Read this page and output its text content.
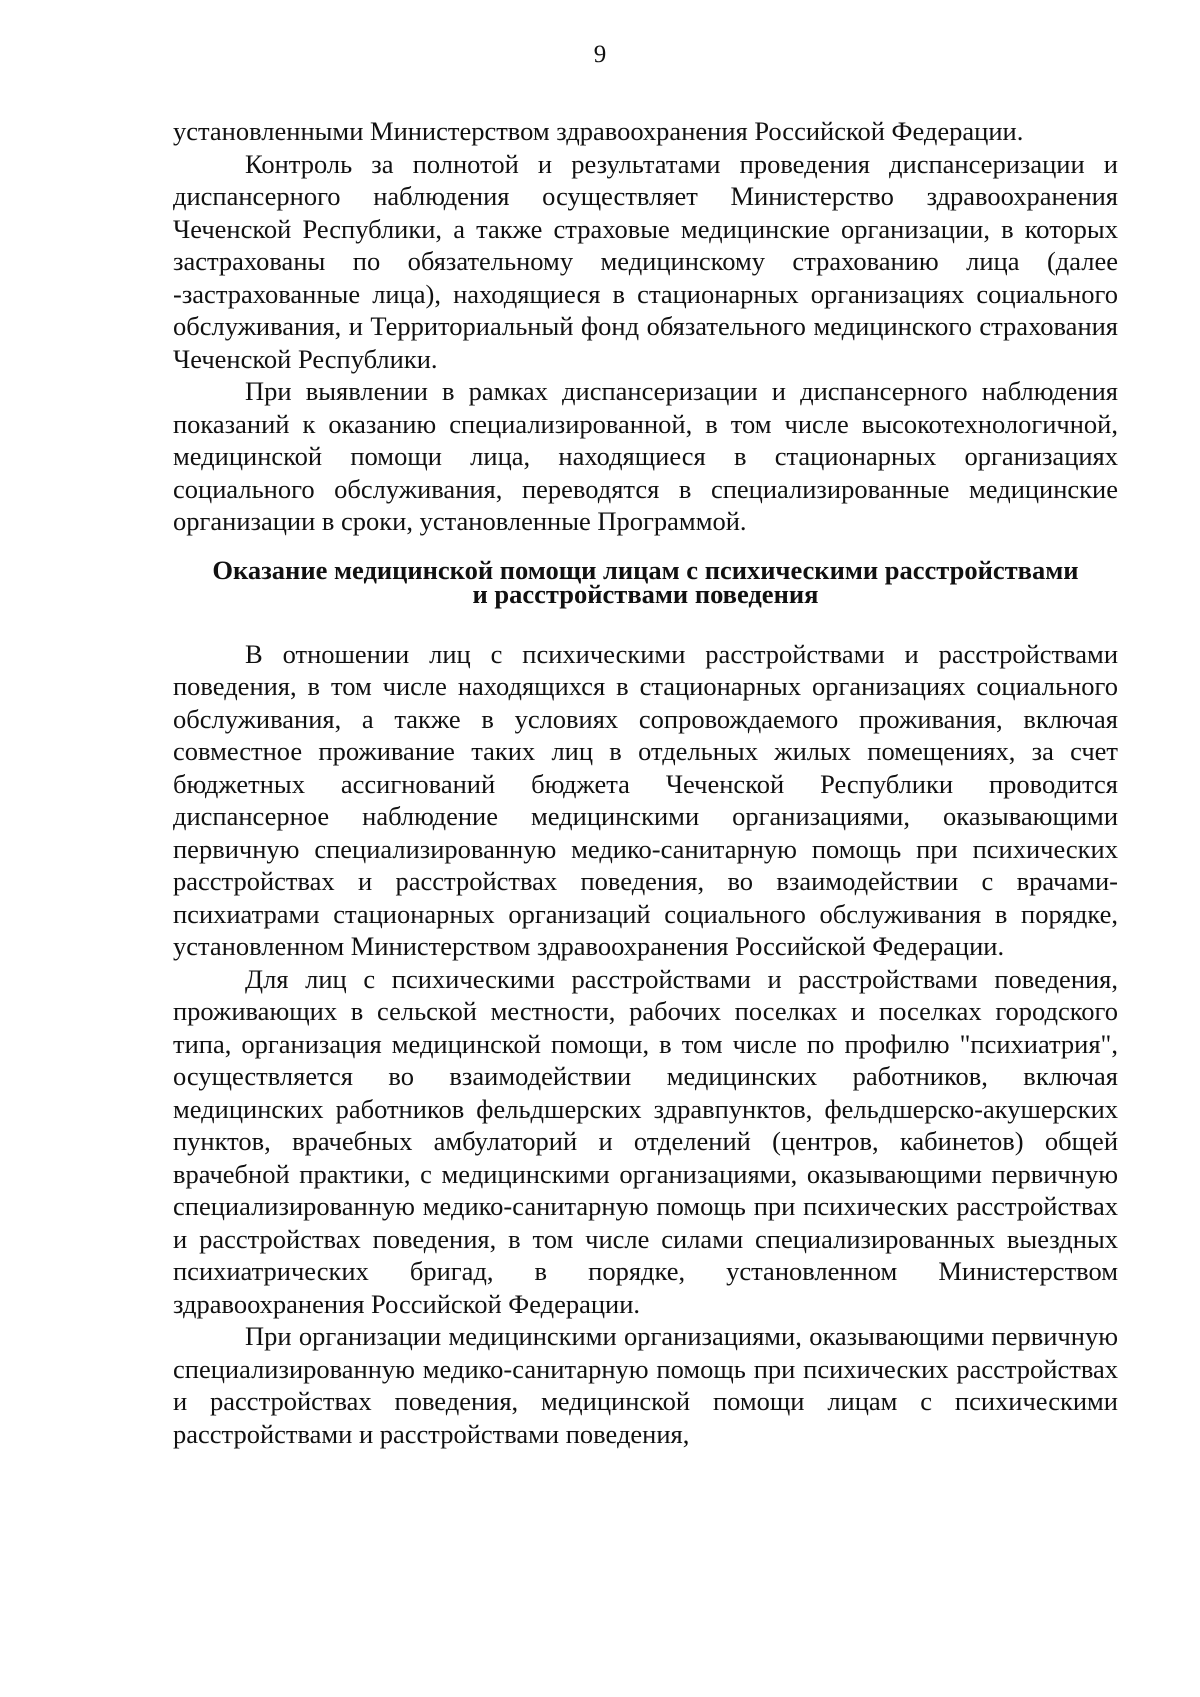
9

установленными Министерством здравоохранения Российской Федерации.

Контроль за полнотой и результатами проведения диспансеризации и диспансерного наблюдения осуществляет Министерство здравоохранения Чеченской Республики, а также страховые медицинские организации, в которых застрахованы по обязательному медицинскому страхованию лица (далее -застрахованные лица), находящиеся в стационарных организациях социального обслуживания, и Территориальный фонд обязательного медицинского страхования Чеченской Республики.

При выявлении в рамках диспансеризации и диспансерного наблюдения показаний к оказанию специализированной, в том числе высокотехнологичной, медицинской помощи лица, находящиеся в стационарных организациях социального обслуживания, переводятся в специализированные медицинские организации в сроки, установленные Программой.

Оказание медицинской помощи лицам с психическими расстройствами
и расстройствами поведения

В отношении лиц с психическими расстройствами и расстройствами поведения, в том числе находящихся в стационарных организациях социального обслуживания, а также в условиях сопровождаемого проживания, включая совместное проживание таких лиц в отдельных жилых помещениях, за счет бюджетных ассигнований бюджета Чеченской Республики проводится диспансерное наблюдение медицинскими организациями, оказывающими первичную специализированную медико-санитарную помощь при психических расстройствах и расстройствах поведения, во взаимодействии с врачами-психиатрами стационарных организаций социального обслуживания в порядке, установленном Министерством здравоохранения Российской Федерации.

Для лиц с психическими расстройствами и расстройствами поведения, проживающих в сельской местности, рабочих поселках и поселках городского типа, организация медицинской помощи, в том числе по профилю "психиатрия", осуществляется во взаимодействии медицинских работников, включая медицинских работников фельдшерских здравпунктов, фельдшерско-акушерских пунктов, врачебных амбулаторий и отделений (центров, кабинетов) общей врачебной практики, с медицинскими организациями, оказывающими первичную специализированную медико-санитарную помощь при психических расстройствах и расстройствах поведения, в том числе силами специализированных выездных психиатрических бригад, в порядке, установленном Министерством здравоохранения Российской Федерации.

При организации медицинскими организациями, оказывающими первичную специализированную медико-санитарную помощь при психических расстройствах и расстройствах поведения, медицинской помощи лицам с психическими расстройствами и расстройствами поведения,
